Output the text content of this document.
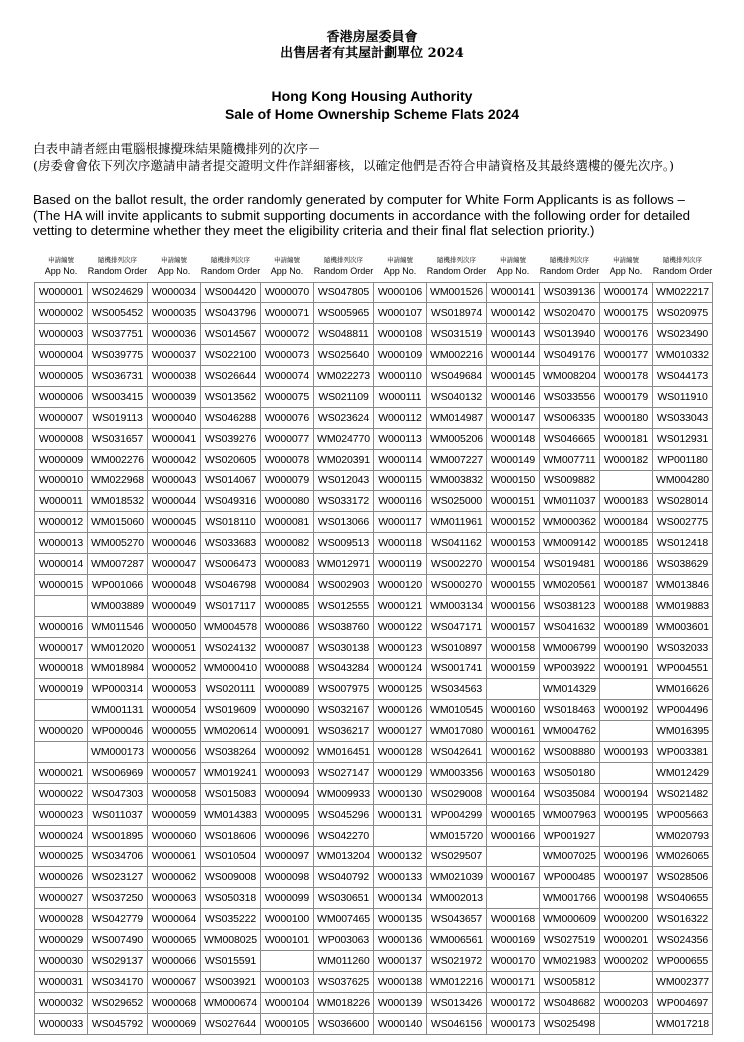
香港房屋委員會
出售居者有其屋計劃單位 2024
Hong Kong Housing Authority
Sale of Home Ownership Scheme Flats 2024
白表申請者經由電腦根據攪珠結果隨機排列的次序－
(房委會會依下列次序邀請申請者提交證明文件作詳細審核，以確定他們是否符合申請資格及其最終選樓的優先次序。)
Based on the ballot result, the order randomly generated by computer for White Form Applicants is as follows –
(The HA will invite applicants to submit supporting documents in accordance with the following order for detailed vetting to determine whether they meet the eligibility criteria and their final flat selection priority.)
申請編號
App No.	隨機排列次序
Random Order	申請編號
App No.	隨機排列次序
Random Order	申請編號
App No.	隨機排列次序
Random Order	申請編號
App No.	隨機排列次序
Random Order	申請編號
App No.	隨機排列次序
Random Order	申請編號
App No.	隨機排列次序
Random Order

W000001	WS024629	W000034	WS004420	W000070	WS047805	W000106	WM001526	W000141	WS039136	W000174	WM022217
W000002	WS005452	W000035	WS043796	W000071	WS005965	W000107	WS018974	W000142	WS020470	W000175	WS020975
W000003	WS037751	W000036	WS014567	W000072	WS048811	W000108	WS031519	W000143	WS013940	W000176	WS023490
W000004	WS039775	W000037	WS022100	W000073	WS025640	W000109	WM002216	W000144	WS049176	W000177	WM010332
W000005	WS036731	W000038	WS026644	W000074	WM022273	W000110	WS049684	W000145	WM008204	W000178	WS044173
W000006	WS003415	W000039	WS013562	W000075	WS021109	W000111	WS040132	W000146	WS033556	W000179	WS011910
W000007	WS019113	W000040	WS046288	W000076	WS023624	W000112	WM014987	W000147	WS006335	W000180	WS033043
W000008	WS031657	W000041	WS039276	W000077	WM024770	W000113	WM005206	W000148	WS046665	W000181	WS012931
W000009	WM002276	W000042	WS020605	W000078	WM020391	W000114	WM007227	W000149	WM007711	W000182	WP001180
W000010	WM022968	W000043	WS014067	W000079	WS012043	W000115	WM003832	W000150	WS009882		WM004280
W000011	WM018532	W000044	WS049316	W000080	WS033172	W000116	WS025000	W000151	WM011037	W000183	WS028014
W000012	WM015060	W000045	WS018110	W000081	WS013066	W000117	WM011961	W000152	WM000362	W000184	WS002775
W000013	WM005270	W000046	WS033683	W000082	WS009513	W000118	WS041162	W000153	WM009142	W000185	WS012418
W000014	WM007287	W000047	WS006473	W000083	WM012971	W000119	WS002270	W000154	WS019481	W000186	WS038629
W000015	WP001066	W000048	WS046798	W000084	WS002903	W000120	WS000270	W000155	WM020561	W000187	WM013846
	WM003889	W000049	WS017117	W000085	WS012555	W000121	WM003134	W000156	WS038123	W000188	WM019883
W000016	WM011546	W000050	WM004578	W000086	WS038760	W000122	WS047171	W000157	WS041632	W000189	WM003601
W000017	WM012020	W000051	WS024132	W000087	WS030138	W000123	WS010897	W000158	WM006799	W000190	WS032033
W000018	WM018984	W000052	WM000410	W000088	WS043284	W000124	WS001741	W000159	WP003922	W000191	WP004551
W000019	WP000314	W000053	WS020111	W000089	WS007975	W000125	WS034563		WM014329		WM016626
	WM001131	W000054	WS019609	W000090	WS032167	W000126	WM010545	W000160	WS018463	W000192	WP004496
W000020	WP000046	W000055	WM020614	W000091	WS036217	W000127	WM017080	W000161	WM004762		WM016395
	WM000173	W000056	WS038264	W000092	WM016451	W000128	WS042641	W000162	WS008880	W000193	WP003381
W000021	WS006969	W000057	WM019241	W000093	WS027147	W000129	WM003356	W000163	WS050180		WM012429
W000022	WS047303	W000058	WS015083	W000094	WM009933	W000130	WS029008	W000164	WS035084	W000194	WS021482
W000023	WS011037	W000059	WM014383	W000095	WS045296	W000131	WP004299	W000165	WM007963	W000195	WP005663
W000024	WS001895	W000060	WS018606	W000096	WS042270		WM015720	W000166	WP001927		WM020793
W000025	WS034706	W000061	WS010504	W000097	WM013204	W000132	WS029507		WM007025	W000196	WM026065
W000026	WS023127	W000062	WS009008	W000098	WS040792	W000133	WM021039	W000167	WP000485	W000197	WS028506
W000027	WS037250	W000063	WS050318	W000099	WS030651	W000134	WM002013		WM001766	W000198	WS040655
W000028	WS042779	W000064	WS035222	W000100	WM007465	W000135	WS043657	W000168	WM000609	W000200	WS016322
W000029	WS007490	W000065	WM008025	W000101	WP003063	W000136	WM006561	W000169	WS027519	W000201	WS024356
W000030	WS029137	W000066	WS015591		WM011260	W000137	WS021972	W000170	WM021983	W000202	WP000655
W000031	WS034170	W000067	WS003921	W000103	WS037625	W000138	WM012216	W000171	WS005812		WM002377
W000032	WS029652	W000068	WM000674	W000104	WM018226	W000139	WS013426	W000172	WS048682	W000203	WP004697
W000033	WS045792	W000069	WS027644	W000105	WS036600	W000140	WS046156	W000173	WS025498		WM017218
